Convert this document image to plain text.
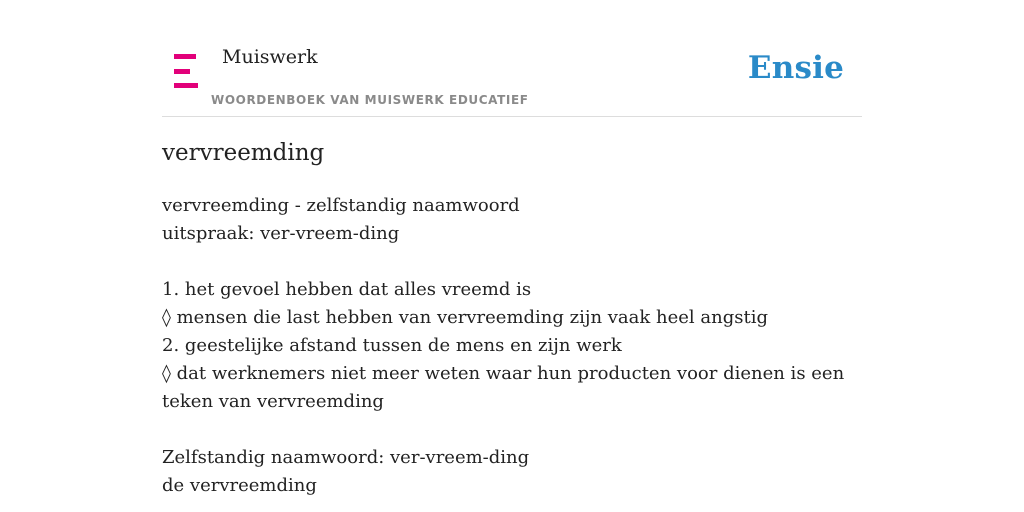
Muiswerk
WOORDENBOEK VAN MUISWERK EDUCATIEF
Ensie
vervreemding
vervreemding - zelfstandig naamwoord
uitspraak: ver-vreem-ding
1. het gevoel hebben dat alles vreemd is
◊ mensen die last hebben van vervreemding zijn vaak heel angstig
2. geestelijke afstand tussen de mens en zijn werk
◊ dat werknemers niet meer weten waar hun producten voor dienen is een teken van vervreemding
Zelfstandig naamwoord: ver-vreem-ding
de vervreemding
